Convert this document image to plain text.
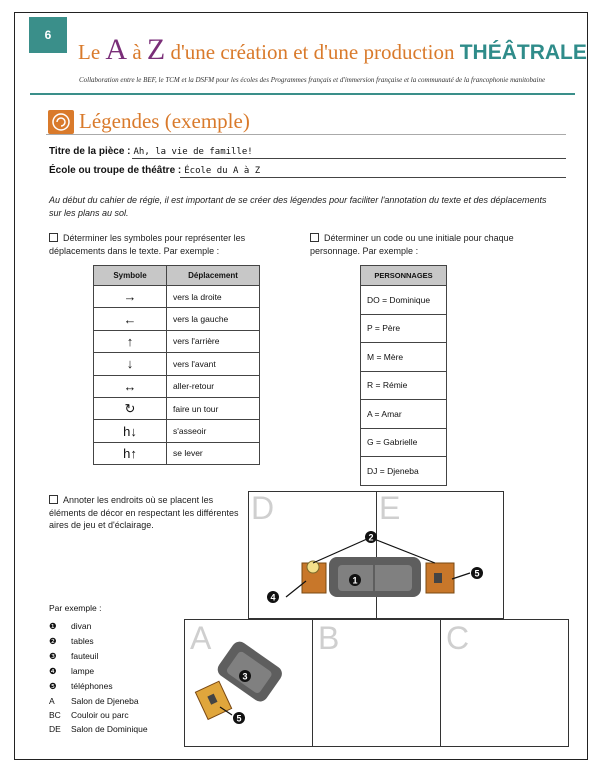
6
Le A à Z d'une création et d'une production THÉÂTRALE
Collaboration entre le BEF, le TCM et la DSFM pour les écoles des Programmes français et d'immersion française et la communauté de la francophonie manitobaine
Légendes (exemple)
Titre de la pièce : Ah, la vie de famille!
École ou troupe de théâtre : École du A à Z
Au début du cahier de régie, il est important de se créer des légendes pour faciliter l'annotation du texte et des déplacements sur les plans au sol.
Déterminer les symboles pour représenter les déplacements dans le texte. Par exemple :
Déterminer un code ou une initiale pour chaque personnage. Par exemple :
Symbole	Déplacement
→	vers la droite
←	vers la gauche
↑	vers l'arrière
↓	vers l'avant
↔	aller-retour
↻	faire un tour
h↓	s'asseoir
h↑	se lever
PERSONNAGES
DO = Dominique
P = Père
M = Mère
R = Rémie
A = Amar
G = Gabrielle
DJ = Djeneba
Annoter les endroits où se placent les éléments de décor en respectant les différentes aires de jeu et d'éclairage.	D	E
A	B	C
2
1
4
5
3
5
Par exemple :
❶ divan
❷ tables
❸ fauteuil
❹ lampe
❺ téléphones
A Salon de Djeneba
BC Couloir ou parc
DE Salon de Dominique
